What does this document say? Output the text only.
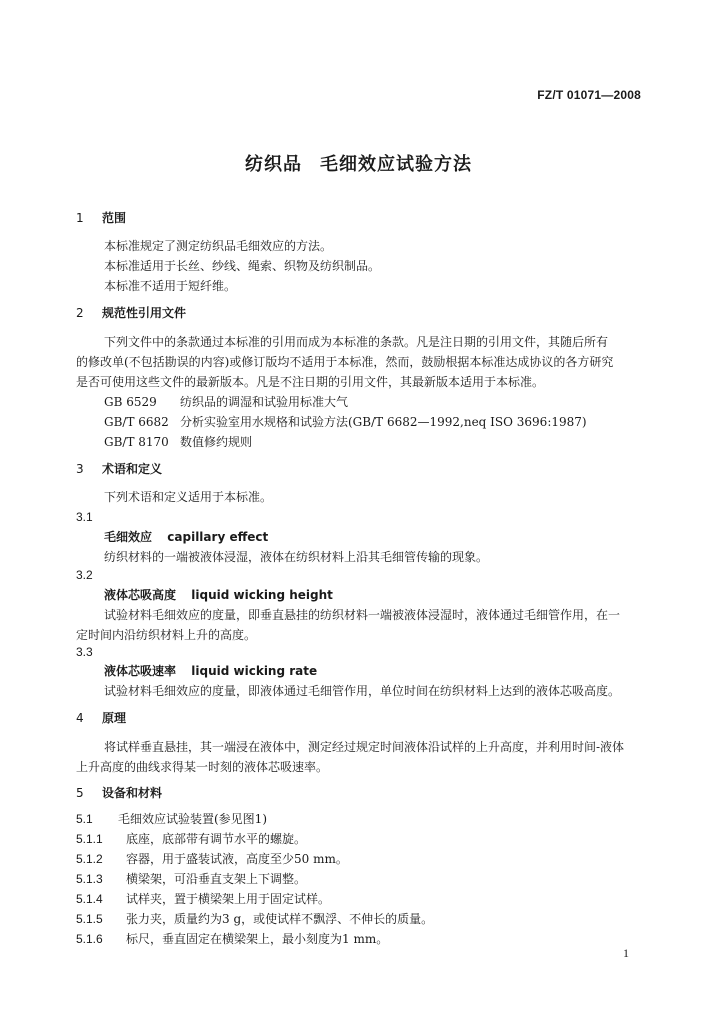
FZ/T 01071—2008
纺织品 毛细效应试验方法
1 范围
本标准规定了测定纺织品毛细效应的方法。
本标准适用于长丝、纱线、绳索、织物及纺织制品。
本标准不适用于短纤维。
2 规范性引用文件
下列文件中的条款通过本标准的引用而成为本标准的条款。凡是注日期的引用文件，其随后所有
的修改单(不包括勘误的内容)或修订版均不适用于本标准，然而，鼓励根据本标准达成协议的各方研究
是否可使用这些文件的最新版本。凡是不注日期的引用文件，其最新版本适用于本标准。
GB 6529 纺织品的调湿和试验用标准大气
GB/T 6682 分析实验室用水规格和试验方法(GB/T 6682—1992,neq ISO 3696:1987)
GB/T 8170 数值修约规则
3 术语和定义
下列术语和定义适用于本标准。
3.1
毛细效应 capillary effect
纺织材料的一端被液体浸湿，液体在纺织材料上沿其毛细管传输的现象。
3.2
液体芯吸高度 liquid wicking height
试验材料毛细效应的度量，即垂直悬挂的纺织材料一端被液体浸湿时，液体通过毛细管作用，在一
定时间内沿纺织材料上升的高度。
3.3
液体芯吸速率 liquid wicking rate
试验材料毛细效应的度量，即液体通过毛细管作用，单位时间在纺织材料上达到的液体芯吸高度。
4 原理
将试样垂直悬挂，其一端浸在液体中，测定经过规定时间液体沿试样的上升高度，并利用时间-液体
上升高度的曲线求得某一时刻的液体芯吸速率。
5 设备和材料
5.1 毛细效应试验装置(参见图1)
5.1.1 底座，底部带有调节水平的螺旋。
5.1.2 容器，用于盛装试液，高度至少50 mm。
5.1.3 横梁架，可沿垂直支架上下调整。
5.1.4 试样夹，置于横梁架上用于固定试样。
5.1.5 张力夹，质量约为3 g，或使试样不飘浮、不伸长的质量。
5.1.6 标尺，垂直固定在横梁架上，最小刻度为1 mm。
1
